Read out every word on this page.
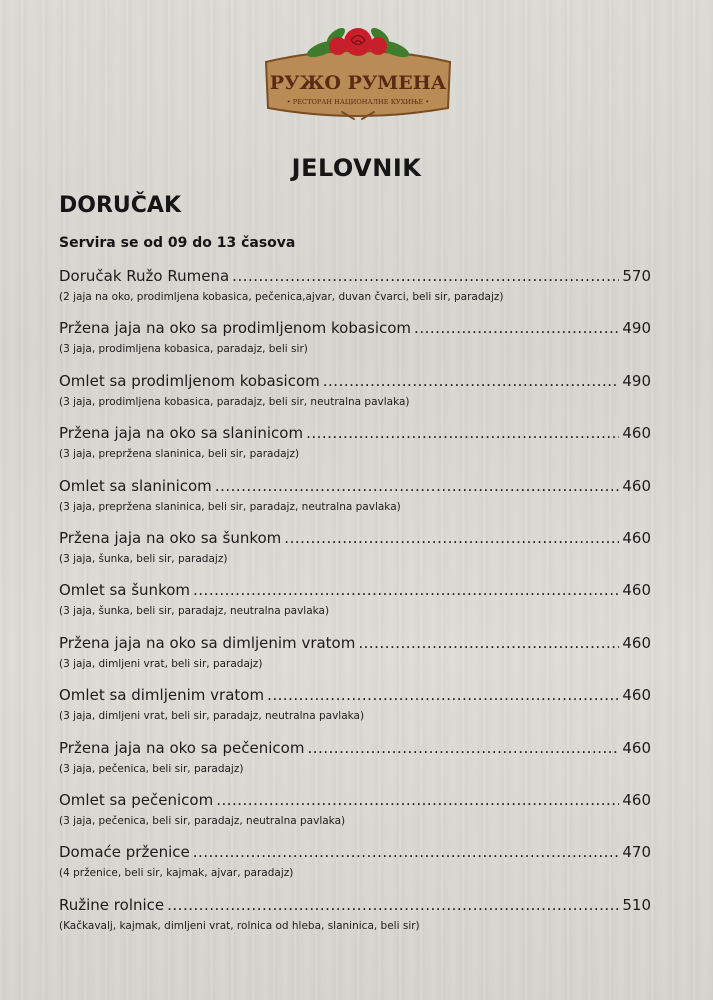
РУЖО РУМЕНА
• РЕСТОРАН НАЦИОНАЛНЕ КУХИЊЕ •
JELOVNIK
DORUČAK
Servira se od 09 do 13 časova
Doručak Ružo Rumena .....	570
(2 jaja na oko, prodimljena kobasica, pečenica,ajvar, duvan čvarci, beli sir, paradajz)
Pržena jaja na oko sa prodimljenom kobasicom .....	490
(3 jaja, prodimljena kobasica, paradajz, beli sir)
Omlet sa prodimljenom kobasicom .....	490
(3 jaja, prodimljena kobasica, paradajz, beli sir, neutralna pavlaka)
Pržena jaja na oko sa slaninicom .....	460
(3 jaja, prepržena slaninica, beli sir, paradajz)
Omlet sa slaninicom .....	460
(3 jaja, prepržena slaninica, beli sir, paradajz, neutralna pavlaka)
Pržena jaja na oko sa šunkom .....	460
(3 jaja, šunka, beli sir, paradajz)
Omlet sa šunkom .....	460
(3 jaja, šunka, beli sir, paradajz, neutralna pavlaka)
Pržena jaja na oko sa dimljenim vratom .....	460
(3 jaja, dimljeni vrat, beli sir, paradajz)
Omlet sa dimljenim vratom .....	460
(3 jaja, dimljeni vrat, beli sir, paradajz, neutralna pavlaka)
Pržena jaja na oko sa pečenicom .....	460
(3 jaja, pečenica, beli sir, paradajz)
Omlet sa pečenicom .....	460
(3 jaja, pečenica, beli sir, paradajz, neutralna pavlaka)
Domaće prženice .....	470
(4 prženice, beli sir, kajmak, ajvar, paradajz)
Ružine rolnice .....	510
(Kačkavalj, kajmak, dimljeni vrat, rolnica od hleba, slaninica, beli sir)
